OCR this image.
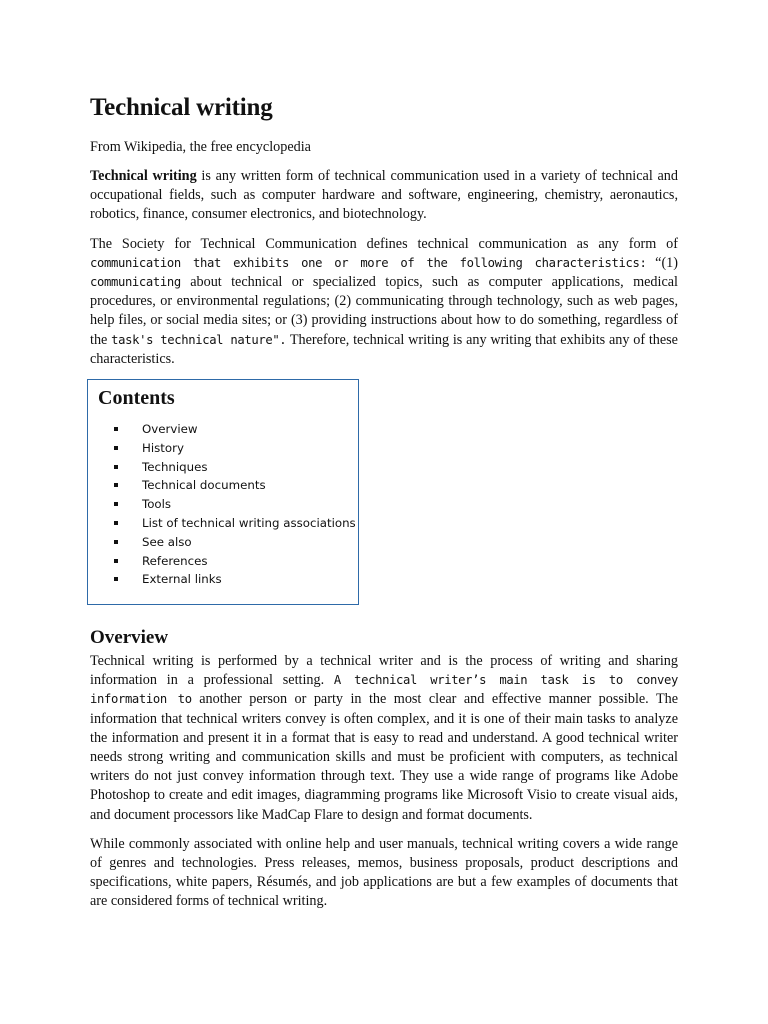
Technical writing
From Wikipedia, the free encyclopedia

Technical writing is any written form of technical communication used in a variety of technical and occupational fields, such as computer hardware and software, engineering, chemistry, aeronautics, robotics, finance, consumer electronics, and biotechnology.

The Society for Technical Communication defines technical communication as any form of communication that exhibits one or more of the following characteristics: “(1) communicating about technical or specialized topics, such as computer applications, medical procedures, or environmental regulations; (2) communicating through technology, such as web pages, help files, or social media sites; or (3) providing instructions about how to do something, regardless of the task's technical nature". Therefore, technical writing is any writing that exhibits any of these characteristics.

Contents
Overview
History
Techniques
Technical documents
Tools
List of technical writing associations
See also
References
External links
Overview

Technical writing is performed by a technical writer and is the process of writing and sharing information in a professional setting. A technical writer’s main task is to convey information to another person or party in the most clear and effective manner possible. The information that technical writers convey is often complex, and it is one of their main tasks to analyze the information and present it in a format that is easy to read and understand. A good technical writer needs strong writing and communication skills and must be proficient with computers, as technical writers do not just convey information through text. They use a wide range of programs like Adobe Photoshop to create and edit images, diagramming programs like Microsoft Visio to create visual aids, and document processors like MadCap Flare to design and format documents.

While commonly associated with online help and user manuals, technical writing covers a wide range of genres and technologies. Press releases, memos, business proposals, product descriptions and specifications, white papers, Résumés, and job applications are but a few examples of documents that are considered forms of technical writing.
